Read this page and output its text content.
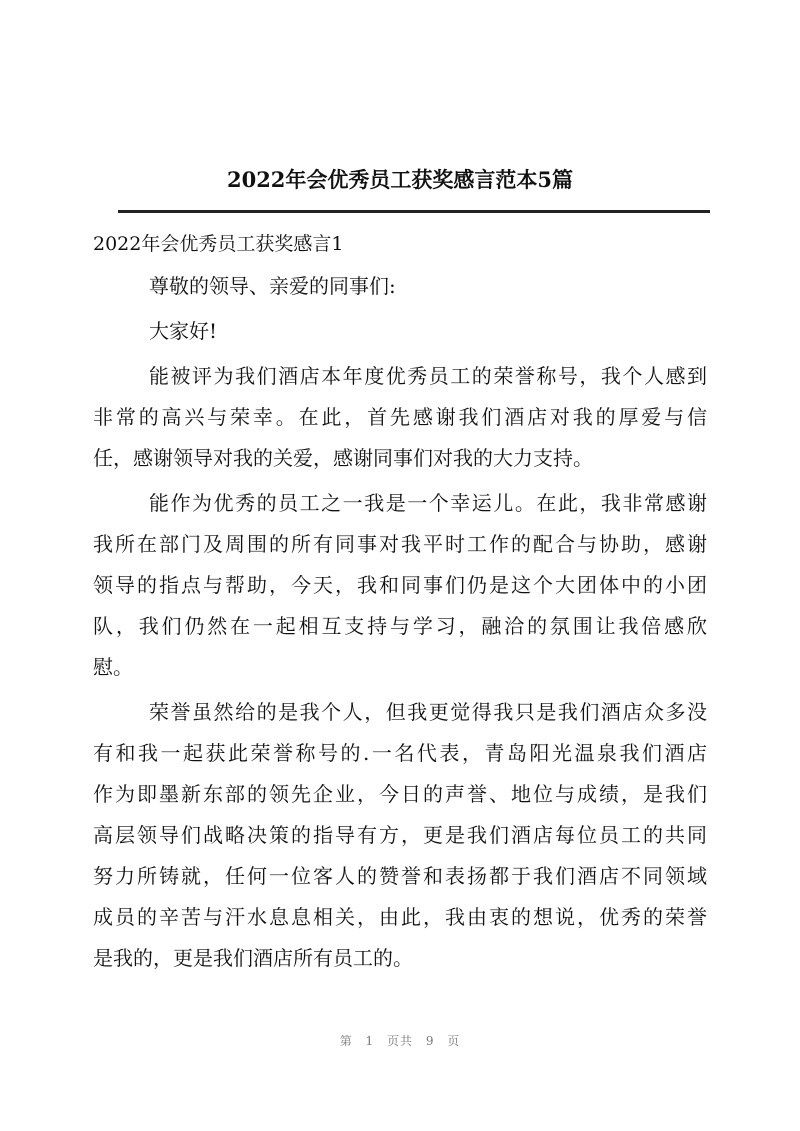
2022年会优秀员工获奖感言范本5篇
2022年会优秀员工获奖感言1
尊敬的领导、亲爱的同事们:
大家好!
能被评为我们酒店本年度优秀员工的荣誉称号，我个人感到
非常的高兴与荣幸。在此，首先感谢我们酒店对我的厚爱与信
任，感谢领导对我的关爱，感谢同事们对我的大力支持。
能作为优秀的员工之一我是一个幸运儿。在此，我非常感谢
我所在部门及周围的所有同事对我平时工作的配合与协助，感谢
领导的指点与帮助，今天，我和同事们仍是这个大团体中的小团
队，我们仍然在一起相互支持与学习，融洽的氛围让我倍感欣
慰。
荣誉虽然给的是我个人，但我更觉得我只是我们酒店众多没
有和我一起获此荣誉称号的.一名代表，青岛阳光温泉我们酒店
作为即墨新东部的领先企业，今日的声誉、地位与成绩，是我们
高层领导们战略决策的指导有方，更是我们酒店每位员工的共同
努力所铸就，任何一位客人的赞誉和表扬都于我们酒店不同领域
成员的辛苦与汗水息息相关，由此，我由衷的想说，优秀的荣誉
是我的，更是我们酒店所有员工的。
第 1 页共 9 页
